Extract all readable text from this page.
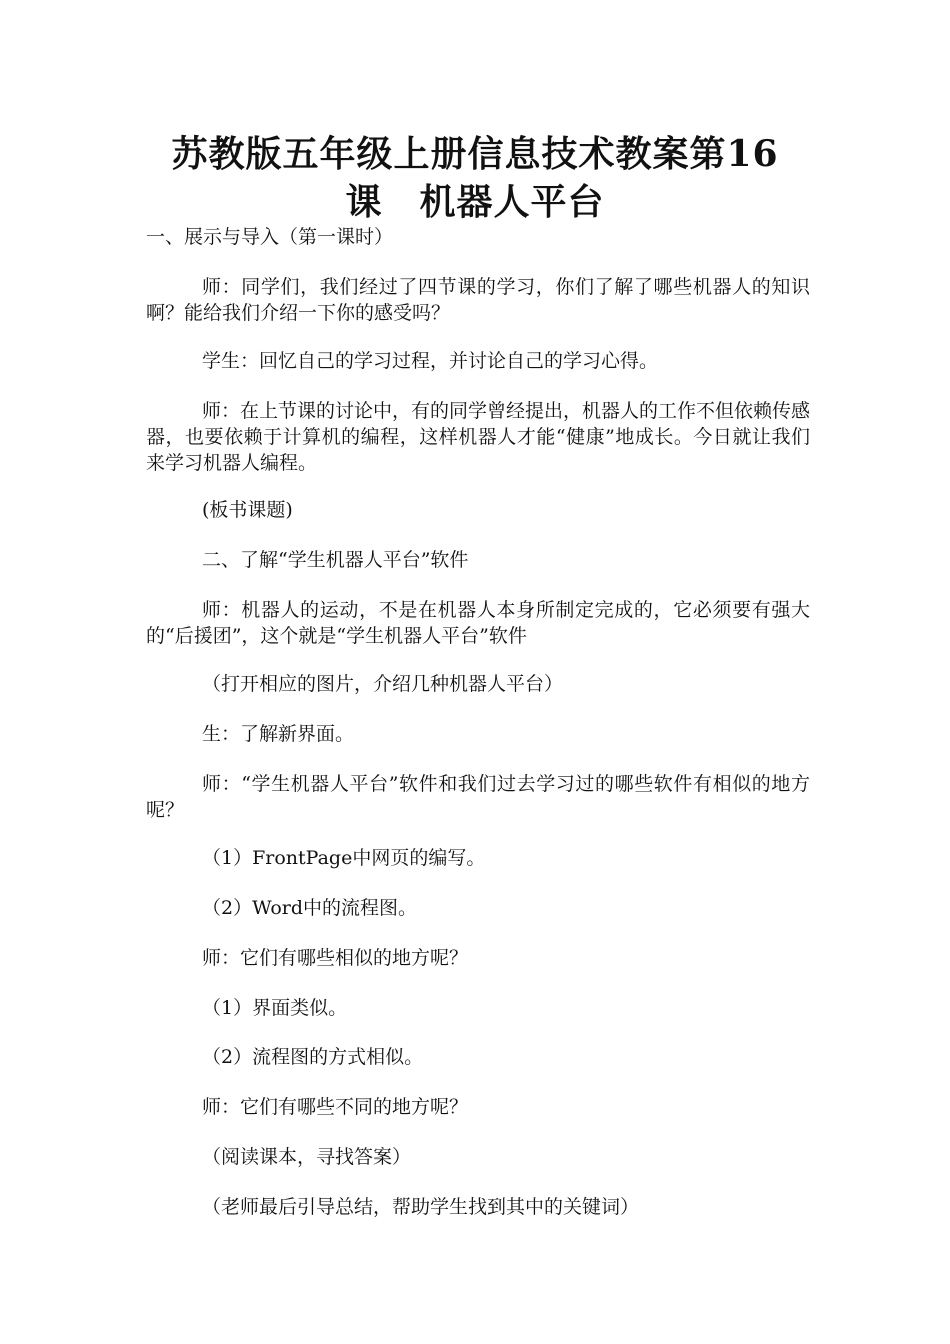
苏教版五年级上册信息技术教案第16
课　机器人平台
一、展示与导入（第一课时）
师：同学们，我们经过了四节课的学习，你们了解了哪些机器人的知识啊？能给我们介绍一下你的感受吗？
学生：回忆自己的学习过程，并讨论自己的学习心得。
师：在上节课的讨论中，有的同学曾经提出，机器人的工作不但依赖传感器，也要依赖于计算机的编程，这样机器人才能“健康”地成长。今日就让我们来学习机器人编程。
(板书课题)
二、了解“学生机器人平台”软件
师：机器人的运动，不是在机器人本身所制定完成的，它必须要有强大的“后援团”，这个就是“学生机器人平台”软件
（打开相应的图片，介绍几种机器人平台）
生：了解新界面。
师：“学生机器人平台”软件和我们过去学习过的哪些软件有相似的地方呢？
（1）FrontPage中网页的编写。
（2）Word中的流程图。
师：它们有哪些相似的地方呢？
（1）界面类似。
（2）流程图的方式相似。
师：它们有哪些不同的地方呢？
（阅读课本，寻找答案）
（老师最后引导总结，帮助学生找到其中的关键词）
